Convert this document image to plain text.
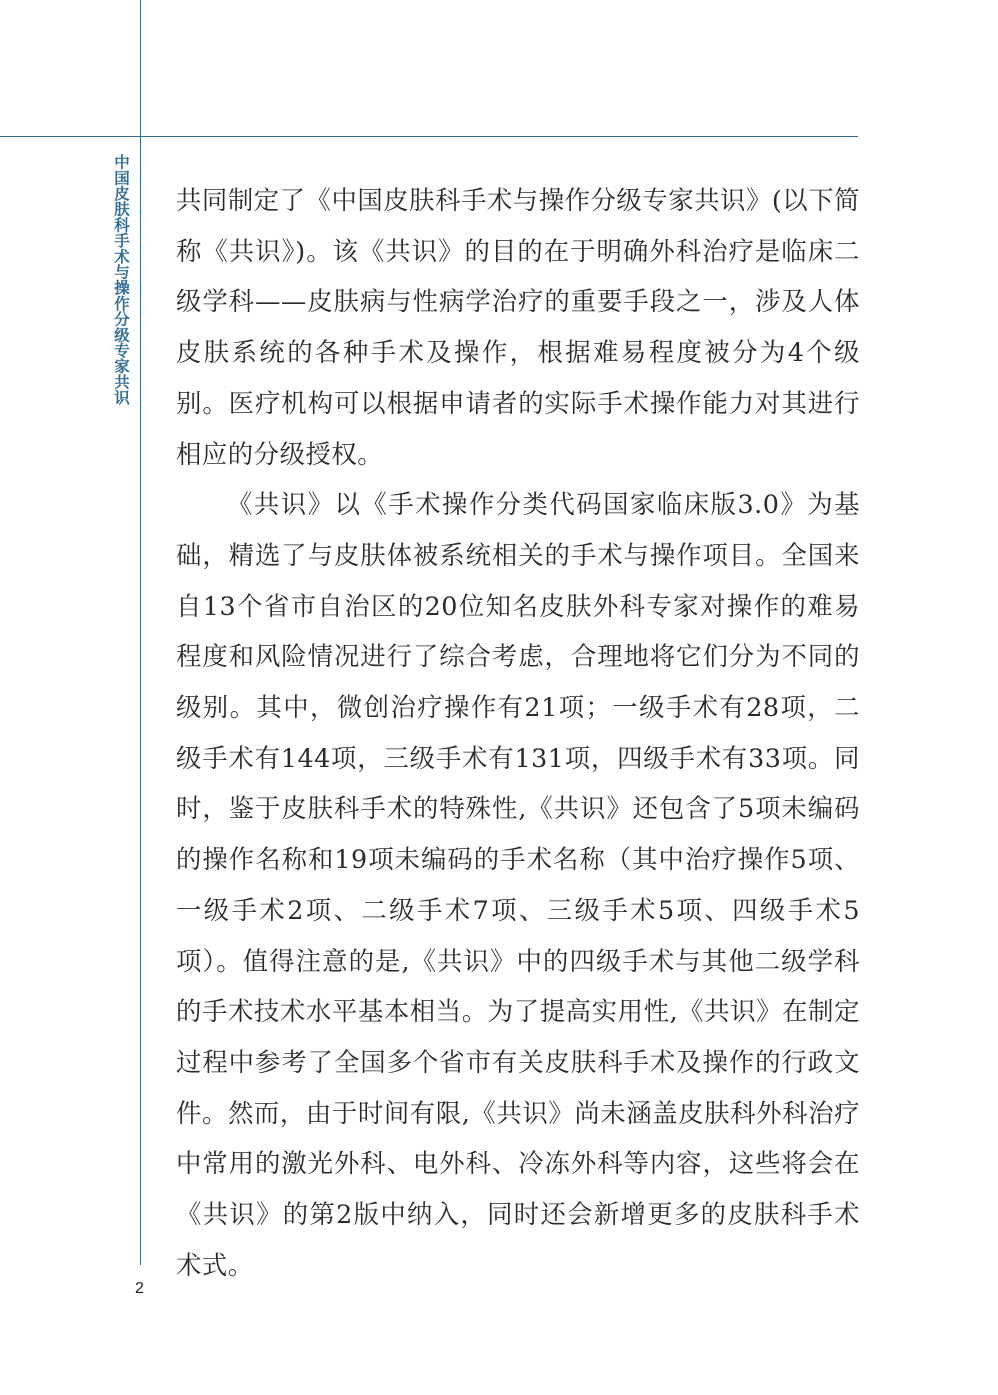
中国皮肤科手术与操作分级专家共识 共同制定了《中国皮肤科手术与操作分级专家共识》(以下简称《共识》)。该《共识》的目的在于明确外科治疗是临床二级学科——皮肤病与性病学治疗的重要手段之一，涉及人体皮肤系统的各种手术及操作，根据难易程度被分为4个级别。医疗机构可以根据申请者的实际手术操作能力对其进行相应的分级授权。

《共识》以《手术操作分类代码国家临床版3.0》为基础，精选了与皮肤体被系统相关的手术与操作项目。全国来自13个省市自治区的20位知名皮肤外科专家对操作的难易程度和风险情况进行了综合考虑，合理地将它们分为不同的级别。其中，微创治疗操作有21项；一级手术有28项，二级手术有144项，三级手术有131项，四级手术有33项。同时，鉴于皮肤科手术的特殊性,《共识》还包含了5项未编码的操作名称和19项未编码的手术名称（其中治疗操作5项、一级手术2项、二级手术7项、三级手术5项、四级手术5项）。值得注意的是,《共识》中的四级手术与其他二级学科的手术技术水平基本相当。为了提高实用性,《共识》在制定过程中参考了全国多个省市有关皮肤科手术及操作的行政文件。然而，由于时间有限,《共识》尚未涵盖皮肤科外科治疗中常用的激光外科、电外科、冷冻外科等内容，这些将会在《共识》的第2版中纳入，同时还会新增更多的皮肤科手术术式。

2
